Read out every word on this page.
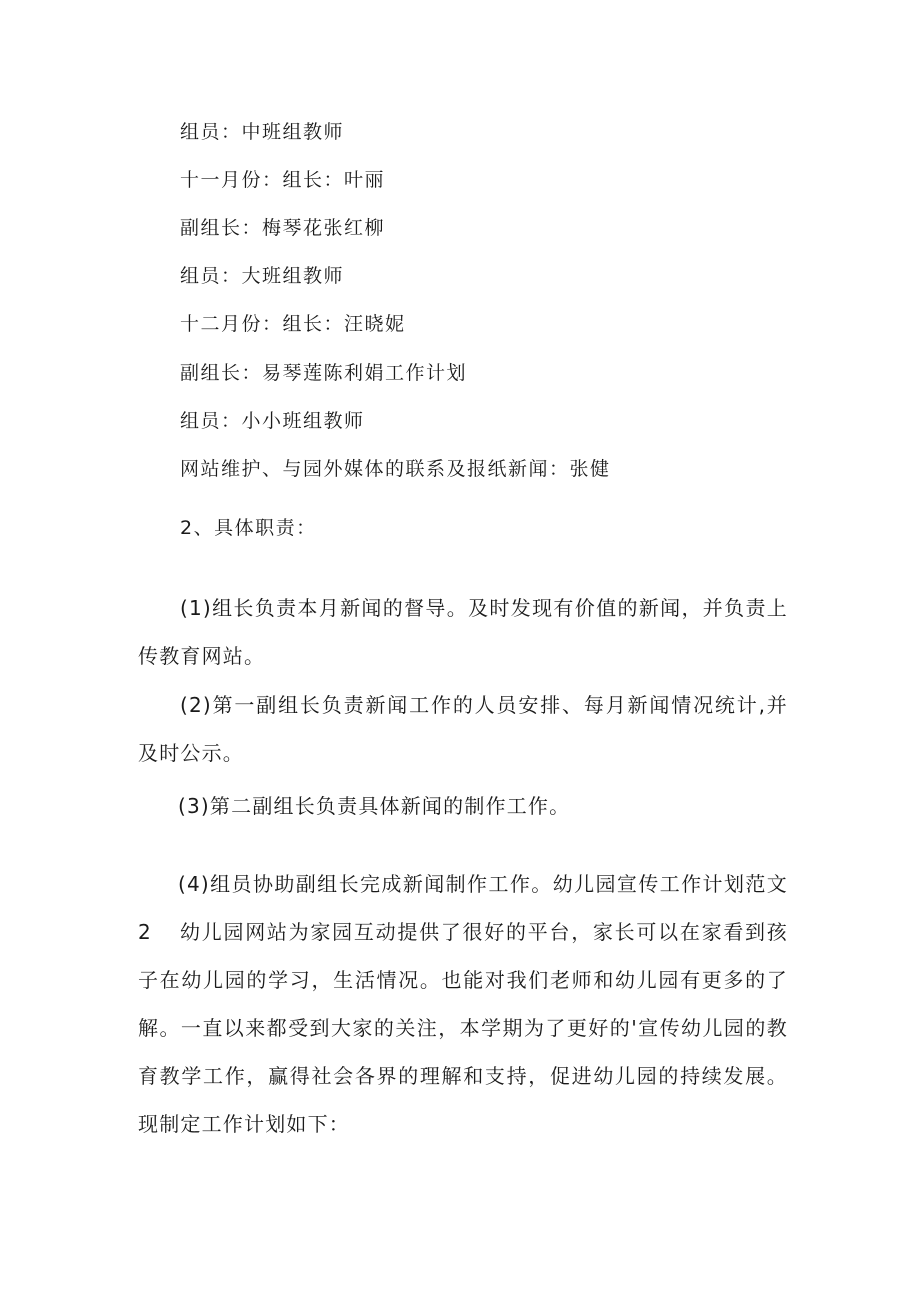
组员：中班组教师
十一月份：组长：叶丽
副组长：梅琴花张红柳
组员：大班组教师
十二月份：组长：汪晓妮
副组长：易琴莲陈利娟工作计划
组员：小小班组教师
网站维护、与园外媒体的联系及报纸新闻：张健
2、具体职责：
(1)组长负责本月新闻的督导。及时发现有价值的新闻，并负责上传教育网站。
(2)第一副组长负责新闻工作的人员安排、每月新闻情况统计,并及时公示。
(3)第二副组长负责具体新闻的制作工作。
(4)组员协助副组长完成新闻制作工作。幼儿园宣传工作计划范文2	幼儿园网站为家园互动提供了很好的平台，家长可以在家看到孩子在幼儿园的学习，生活情况。也能对我们老师和幼儿园有更多的了解。一直以来都受到大家的关注，本学期为了更好的'宣传幼儿园的教育教学工作，赢得社会各界的理解和支持，促进幼儿园的持续发展。现制定工作计划如下：
